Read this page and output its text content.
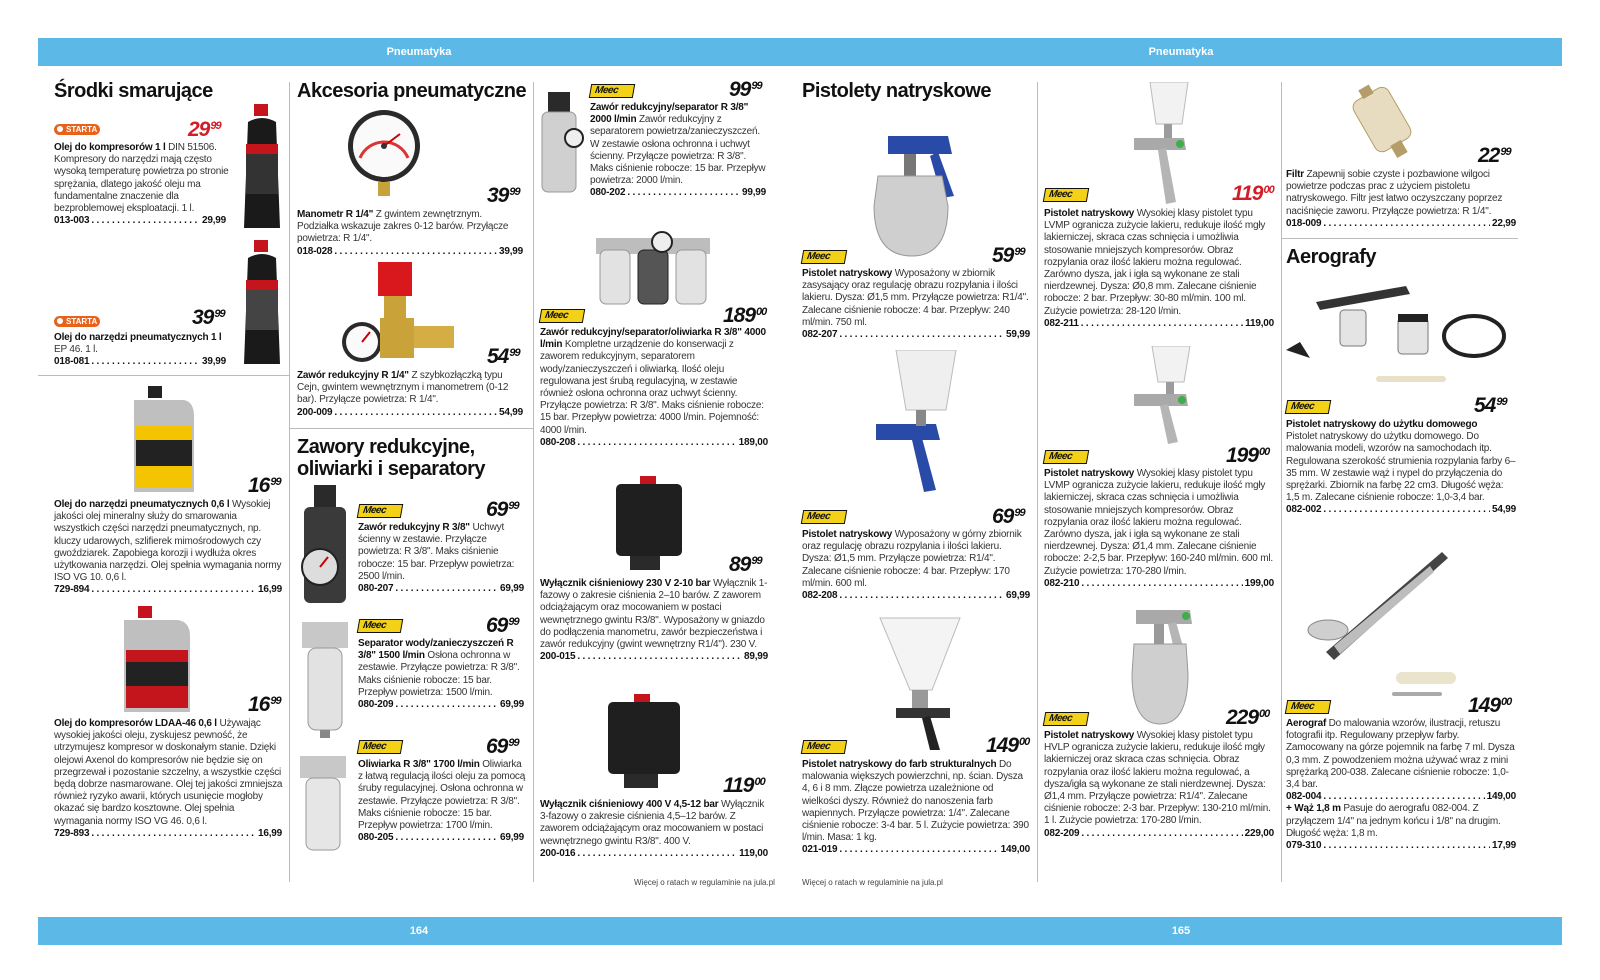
Pneumatyka	Pneumatyka
164	165
Środki smarujące
STARTA	$29^{99}$
Olej do kompresorów 1 l DIN 51506. Kompresory do narzędzi mają często wysoką temperaturę powietrza po stronie sprężania, dlatego jakość oleju ma fundamentalne znaczenie dla bezproblemowej eksploatacji. 1 l.
013-003 . . .	29,99
STARTA	$39^{99}$
Olej do narzędzi pneumatycznych 1 l EP 46. 1 l.
018-081 . . .	39,99
$16^{99}$
Olej do narzędzi pneumatycznych 0,6 l Wysokiej jakości olej mineralny służy do smarowania wszystkich części narzędzi pneumatycznych, np. kluczy udarowych, szlifierek mimośrodowych czy gwoździarek. Zapobiega korozji i wydłuża okres użytkowania narzędzi. Olej spełnia wymagania normy ISO VG 10. 0,6 l.
729-894 . . .	16,99
$16^{99}$
Olej do kompresorów LDAA-46 0,6 l Używając wysokiej jakości oleju, zyskujesz pewność, że utrzymujesz kompresor w doskonałym stanie. Dzięki olejowi Axenol do kompresorów nie będzie się on przegrzewał i pozostanie szczelny, a wszystkie części będą dobrze nasmarowane. Olej tej jakości zmniejsza również ryzyko awarii, których usunięcie mogłoby okazać się bardzo kosztowne. Olej spełnia wymagania normy ISO VG 46. 0,6 l.
729-893 . . .	16,99
Akcesoria pneumatyczne
$39^{99}$
Manometr R 1/4" Z gwintem zewnętrznym. Podziałka wskazuje zakres 0-12 barów. Przyłącze powietrza: R 1/4".
018-028 . . .	39,99
$54^{99}$
Zawór redukcyjny R 1/4" Z szybkozłączką typu Cejn, gwintem wewnętrznym i manometrem (0-12 bar). Przyłącze powietrza: R 1/4".
200-009 . . .	54,99
Zawory redukcyjne, oliwiarki i separatory
Meec	$69^{99}$
Zawór redukcyjny R 3/8" Uchwyt ścienny w zestawie. Przyłącze powietrza: R 3/8". Maks ciśnienie robocze: 15 bar. Przepływ powietrza: 2500 l/min.
080-207 . . .	69,99
Meec	$69^{99}$
Separator wody/zanieczyszczeń R 3/8" 1500 l/min Osłona ochronna w zestawie. Przyłącze powietrza: R 3/8". Maks ciśnienie robocze: 15 bar. Przepływ powietrza: 1500 l/min.
080-209 . . .	69,99
Meec	$69^{99}$
Oliwiarka R 3/8" 1700 l/min Oliwiarka z łatwą regulacją ilości oleju za pomocą śruby regulacyjnej. Osłona ochronna w zestawie. Przyłącze powietrza: R 3/8". Maks ciśnienie robocze: 15 bar. Przepływ powietrza: 1700 l/min.
080-205 . . .	69,99
Meec	$99^{99}$
Zawór redukcyjny/separator R 3/8" 2000 l/min Zawór redukcyjny z separatorem powietrza/zanieczyszczeń. W zestawie osłona ochronna i uchwyt ścienny. Przyłącze powietrza: R 3/8". Maks ciśnienie robocze: 15 bar. Przepływ powietrza: 2000 l/min.
080-202 . . .	99,99
Meec	$189^{00}$
Zawór redukcyjny/separator/oliwiarka R 3/8" 4000 l/min Kompletne urządzenie do konserwacji z zaworem redukcyjnym, separatorem wody/zanieczyszczeń i oliwiarką. Ilość oleju regulowana jest śrubą regulacyjną, w zestawie również osłona ochronna oraz uchwyt ścienny. Przyłącze powietrza: R 3/8". Maks ciśnienie robocze: 15 bar. Przepływ powietrza: 4000 l/min. Pojemność: 4000 l/min.
080-208 . . .	189,00
$89^{99}$
Wyłącznik ciśnieniowy 230 V 2-10 bar Wyłącznik 1-fazowy o zakresie ciśnienia 2–10 barów. Z zaworem odciążającym oraz mocowaniem w postaci wewnętrznego gwintu R3/8". Wyposażony w gniazdo do podłączenia manometru, zawór bezpieczeństwa i zawór redukcyjny (gwint wewnętrzny R1/4"). 230 V.
200-015 . . .	89,99
$119^{00}$
Wyłącznik ciśnieniowy 400 V 4,5-12 bar Wyłącznik 3-fazowy o zakresie ciśnienia 4,5–12 barów. Z zaworem odciążającym oraz mocowaniem w postaci wewnętrznego gwintu R3/8". 400 V.
200-016 . . .	119,00
Więcej o ratach w regulaminie na jula.pl
Pistolety natryskowe
Meec	$59^{99}$
Pistolet natryskowy Wyposażony w zbiornik zasysający oraz regulację obrazu rozpylania i ilości lakieru. Dysza: Ø1,5 mm. Przyłącze powietrza: R1/4". Zalecane ciśnienie robocze: 4 bar. Przepływ: 240 ml/min. 750 ml.
082-207 . . .	59,99
Meec	$69^{99}$
Pistolet natryskowy Wyposażony w górny zbiornik oraz regulację obrazu rozpylania i ilości lakieru. Dysza: Ø1,5 mm. Przyłącze powietrza: R1/4". Zalecane ciśnienie robocze: 4 bar. Przepływ: 170 ml/min. 600 ml.
082-208 . . .	69,99
Meec	$149^{00}$
Pistolet natryskowy do farb strukturalnych Do malowania większych powierzchni, np. ścian. Dysza 4, 6 i 8 mm. Złącze powietrza uzależnione od wielkości dyszy. Również do nanoszenia farb wapiennych. Przyłącze powietrza: 1/4". Zalecane ciśnienie robocze: 3-4 bar. 5 l. Zużycie powietrza: 390 l/min. Masa: 1 kg.
021-019 . . .	149,00
Więcej o ratach w regulaminie na jula.pl
Meec	$119^{00}$
Pistolet natryskowy Wysokiej klasy pistolet typu LVMP ogranicza zużycie lakieru, redukuje ilość mgły lakierniczej, skraca czas schnięcia i umożliwia stosowanie mniejszych kompresorów. Obraz rozpylania oraz ilość lakieru można regulować. Zarówno dysza, jak i igła są wykonane ze stali nierdzewnej. Dysza: Ø0,8 mm. Zalecane ciśnienie robocze: 2 bar. Przepływ: 30-80 ml/min. 100 ml. Zużycie powietrza: 28-120 l/min.
082-211 . . .	119,00
Meec	$199^{00}$
Pistolet natryskowy Wysokiej klasy pistolet typu LVMP ogranicza zużycie lakieru, redukuje ilość mgły lakierniczej, skraca czas schnięcia i umożliwia stosowanie mniejszych kompresorów. Obraz rozpylania oraz ilość lakieru można regulować. Zarówno dysza, jak i igła są wykonane ze stali nierdzewnej. Dysza: Ø1,4 mm. Zalecane ciśnienie robocze: 2-2,5 bar. Przepływ: 160-240 ml/min. 600 ml. Zużycie powietrza: 170-280 l/min.
082-210 . . .	199,00
Meec	$229^{00}$
Pistolet natryskowy Wysokiej klasy pistolet typu HVLP ogranicza zużycie lakieru, redukuje ilość mgły lakierniczej oraz skraca czas schnięcia. Obraz rozpylania oraz ilość lakieru można regulować, a dysza/igła są wykonane ze stali nierdzewnej. Dysza: Ø1,4 mm. Przyłącze powietrza: R1/4". Zalecane ciśnienie robocze: 2-3 bar. Przepływ: 130-210 ml/min. 1 l. Zużycie powietrza: 170-280 l/min.
082-209 . . .	229,00
$22^{99}$
Filtr Zapewnij sobie czyste i pozbawione wilgoci powietrze podczas prac z użyciem pistoletu natryskowego. Filtr jest łatwo oczyszczany poprzez naciśnięcie zaworu. Przyłącze powietrza: R 1/4".
018-009 . . .	22,99
Aerografy
Meec	$54^{99}$
Pistolet natryskowy do użytku domowego
Pistolet natryskowy do użytku domowego. Do malowania modeli, wzorów na samochodach itp. Regulowana szerokość strumienia rozpylania farby 6–35 mm. W zestawie wąż i nypel do przyłączenia do sprężarki. Zbiornik na farbę 22 cm3. Długość węża: 1,5 m. Zalecane ciśnienie robocze: 1,0-3,4 bar.
082-002 . . .	54,99
Meec	$149^{00}$
Aerograf Do malowania wzorów, ilustracji, retuszu fotografii itp. Regulowany przepływ farby. Zamocowany na górze pojemnik na farbę 7 ml. Dysza 0,3 mm. Z powodzeniem można używać wraz z mini sprężarką 200-038. Zalecane ciśnienie robocze: 1,0-3,4 bar.
082-004 . . .	149,00
+ Wąż 1,8 m Pasuje do aerografu 082-004. Z przyłączem 1/4" na jednym końcu i 1/8" na drugim. Długość węża: 1,8 m.
079-310 . . .	17,99
